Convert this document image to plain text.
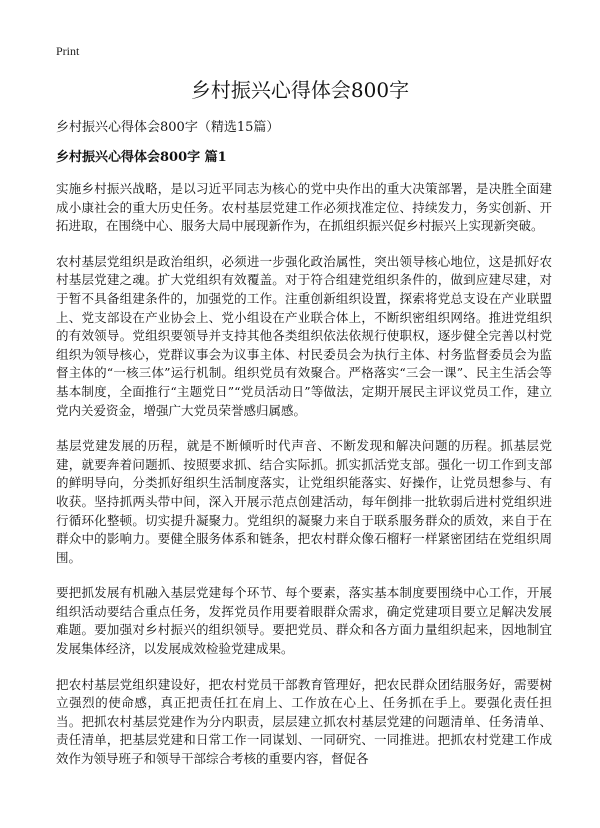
Print
乡村振兴心得体会800字
乡村振兴心得体会800字（精选15篇）
乡村振兴心得体会800字 篇1

实施乡村振兴战略，是以习近平同志为核心的党中央作出的重大决策部署，是决胜全面建成小康社会的重大历史任务。农村基层党建工作必须找准定位、持续发力，务实创新、开拓进取，在围绕中心、服务大局中展现新作为，在抓组织振兴促乡村振兴上实现新突破。

农村基层党组织是政治组织，必须进一步强化政治属性，突出领导核心地位，这是抓好农村基层党建之魂。扩大党组织有效覆盖。对于符合组建党组织条件的，做到应建尽建，对于暂不具备组建条件的，加强党的工作。注重创新组织设置，探索将党总支设在产业联盟上、党支部设在产业协会上、党小组设在产业联合体上，不断织密组织网络。推进党组织的有效领导。党组织要领导并支持其他各类组织依法依规行使职权，逐步健全完善以村党组织为领导核心，党群议事会为议事主体、村民委员会为执行主体、村务监督委员会为监督主体的“一核三体”运行机制。组织党员有效聚合。严格落实“三会一课”、民主生活会等基本制度，全面推行“主题党日”“党员活动日”等做法，定期开展民主评议党员工作，建立党内关爱资金，增强广大党员荣誉感归属感。

基层党建发展的历程，就是不断倾听时代声音、不断发现和解决问题的历程。抓基层党建，就要奔着问题抓、按照要求抓、结合实际抓。抓实抓活党支部。强化一切工作到支部的鲜明导向，分类抓好组织生活制度落实，让党组织能落实、好操作，让党员想参与、有收获。坚持抓两头带中间，深入开展示范点创建活动，每年倒排一批软弱后进村党组织进行循环化整顿。切实提升凝聚力。党组织的凝聚力来自于联系服务群众的质效，来自于在群众中的影响力。要健全服务体系和链条，把农村群众像石榴籽一样紧密团结在党组织周围。

要把抓发展有机融入基层党建每个环节、每个要素，落实基本制度要围绕中心工作，开展组织活动要结合重点任务，发挥党员作用要着眼群众需求，确定党建项目要立足解决发展难题。要加强对乡村振兴的组织领导。要把党员、群众和各方面力量组织起来，因地制宜发展集体经济，以发展成效检验党建成果。

把农村基层党组织建设好，把农村党员干部教育管理好，把农民群众团结服务好，需要树立强烈的使命感，真正把责任扛在肩上、工作放在心上、任务抓在手上。要强化责任担当。把抓农村基层党建作为分内职责，层层建立抓农村基层党建的问题清单、任务清单、责任清单，把基层党建和日常工作一同谋划、一同研究、一同推进。把抓农村党建工作成效作为领导班子和领导干部综合考核的重要内容，督促各
